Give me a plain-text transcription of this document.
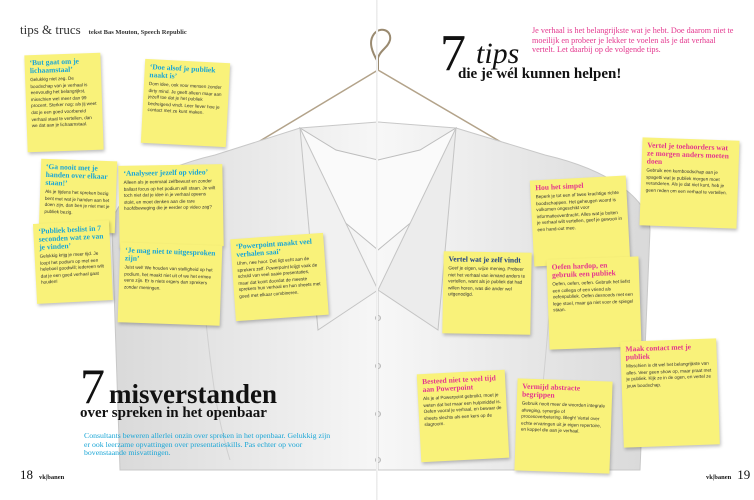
tips & trucs tekst Bas Mouton, Speech Republic
‘But gaat om je lichaamstaal’
Gelukkig niet zeg. De boodschap van je verhaal is eenvoudig het belangrijkst, misschien wel meer dan 99 procent. Sterker nog: als jij weet dat je een goed voorbereid verhaal staat te vertellen, dan we dat aan je lichaamstaal.
‘Doe alsof je publiek naakt is’
Dom idee, ook voor mensen zonder dirty mind. Je geeft alleen maar aan jezelf toe dat je het publiek bedreigend vindt. Leer liever hoe je contact met ze kunt maken.
‘Ga nooit met je handen over elkaar staan!’
Als je tijdens het spreken bezig bent met wat je handen aan het doen zijn, dan ben je niet met je publiek bezig.
‘Analyseer jezelf op video’
Alleen als je eenmaal zelfbewust en zonder ballast focus op het podium will staan. Je wilt toch niet dat je idee in je verhaal opeens stokt, en moet denken aan die rare hoofdbeweging die je eerder op video zag?
‘Powerpoint maakt veel verhalen saai’
Uhm, nee hoor. Dat ligt echt aan de sprekers zelf. Powerpoint krijgt vaak de schuld van veel saaie presentaties, maar dat komt doordat de meeste sprekers hun verhaal en hun sheets met goed met elkaar combineren.
‘Publiek beslist in 7 seconden wat ze van je vinden’
Gelukkig krijg je meer tijd. Je loopt het podium op met een heleboel goodwill; iedereen wilt dat je een goed verhaal gaat houden!
‘Je mag niet te uitgesproken zijn’
Juist wel! We houden van stelligheid op het podium, het maakt niet uit of we het ermee eens zijn. Er is niets ergers dan sprekers zonder meningen.
Hou het simpel
Beperk je tot een of twee krachtige richte boodschappen. Het geheugen woord is volkomen ongeschikt voor informatieoverdracht. Alles wat je buiten je verhaal wilt vertellen, geef je gewoon in een hand-out mee.
Vertel je toehoorders wat ze morgen anders moeten doen
Gebruik een kernboodschap aan je spagetti wat je publiek morgen moet veranderen. Als je dat niet kunt, heb je geen reden om een verhaal te vertellen.
Vertel wat je zelf vindt
Geef je eigen, wijze mening. Probeer niet het verhaal van iemand anders te vertellen, want als je publiek dat had willen horen, was die ander wel uitgenodigd.
Oefen hardop, en gebruik een publiek
Oefen, oefen, oefen. Gebruik het liefst een collega of een vriend als oefenpubliek. Oefen desnoods met een lege stoel, maar ga niet voor de spiegel staan.
Maak contact met je publiek
Misschien is dit wel het belangrijkste van alles. Veer geen show op, maar praat met je publiek. Kijk ze in de ogen, en vertel ze jouw boodschap.
Besteed niet te veel tijd aan Powerpoint
Als je al Powerpoint gebruikt, moet je weten dat het maar een hulpmiddel is. Oefen vooral je verhaal, en bewaar de sheets slechts als een kers op de slagroom.
Vermijd abstracte begrippen
Gebruik nooit meer de woorden integrale afweging, synergie of procesoverbetering. Blegh! Vertel over echte ervaringen uit je eigen repertoire, en koppel die aan je verhaal.
7 tips
die je wél kunnen helpen!
Je verhaal is het belangrijkste wat je hebt. Doe daarom niet te moeilijk en probeer je lekker te voelen als je dat verhaal vertelt. Let daarbij op de volgende tips.
7 misverstanden
over spreken in het openbaar
Consultants beweren allerlei onzin over spreken in het openbaar. Gelukkig zijn er ook leerzame opvattingen over presentatieskills. Pas echter op voor bovenstaande misvattingen.
18 vk|banen	vk|banen 19
